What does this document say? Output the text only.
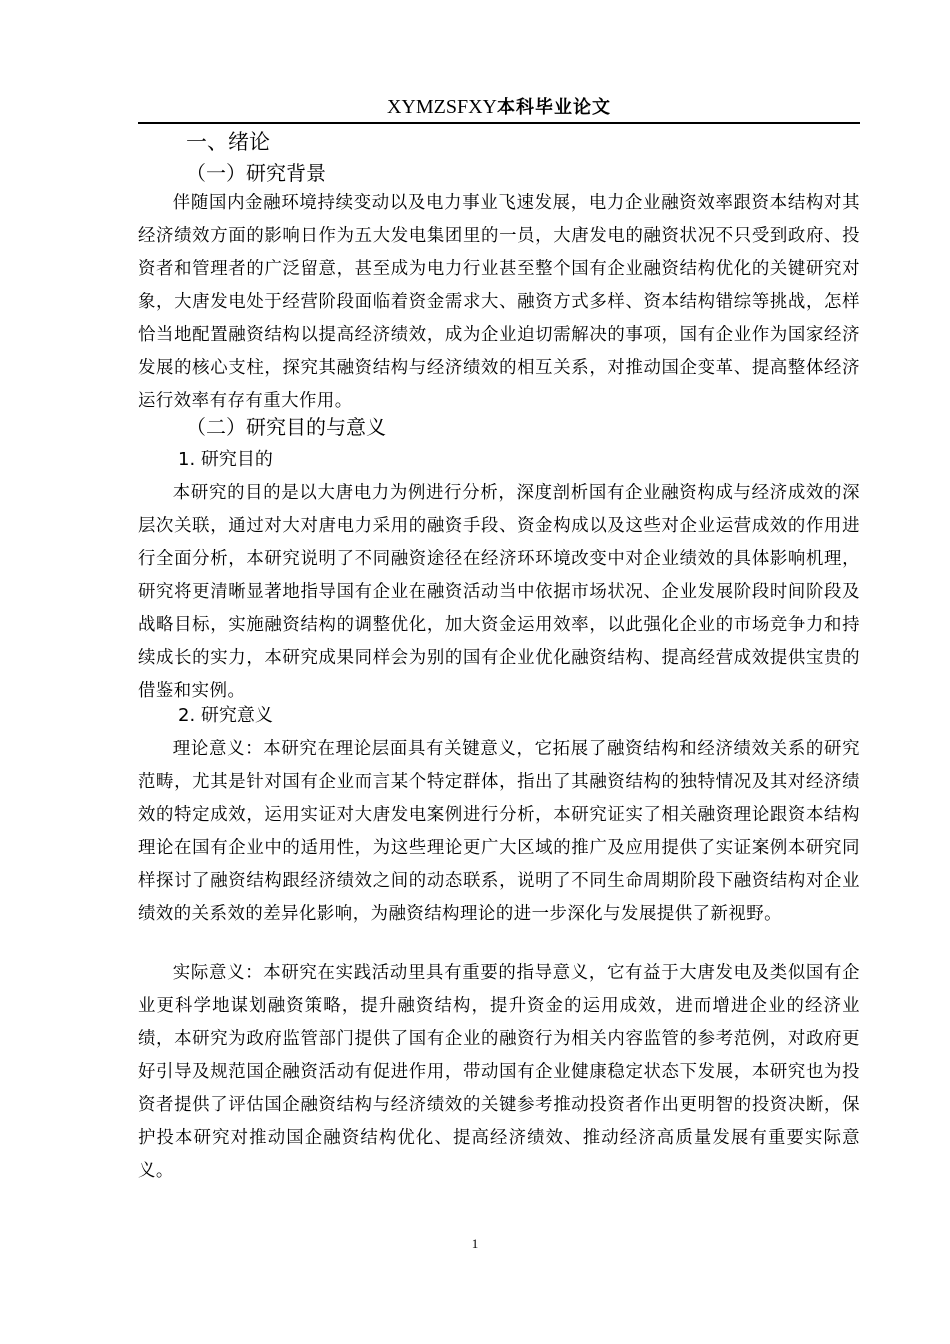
XYMZSFXY本科毕业论文
一、绪论
（一）研究背景
伴随国内金融环境持续变动以及电力事业飞速发展，电力企业融资效率跟资本结构对其经济绩效方面的影响日作为五大发电集团里的一员，大唐发电的融资状况不只受到政府、投资者和管理者的广泛留意，甚至成为电力行业甚至整个国有企业融资结构优化的关键研究对象，大唐发电处于经营阶段面临着资金需求大、融资方式多样、资本结构错综等挑战，怎样恰当地配置融资结构以提高经济绩效，成为企业迫切需解决的事项，国有企业作为国家经济发展的核心支柱，探究其融资结构与经济绩效的相互关系，对推动国企变革、提高整体经济运行效率有存有重大作用。
（二）研究目的与意义
1. 研究目的
本研究的目的是以大唐电力为例进行分析，深度剖析国有企业融资构成与经济成效的深层次关联，通过对大对唐电力采用的融资手段、资金构成以及这些对企业运营成效的作用进行全面分析，本研究说明了不同融资途径在经济环环境改变中对企业绩效的具体影响机理，研究将更清晰显著地指导国有企业在融资活动当中依据市场状况、企业发展阶段时间阶段及战略目标，实施融资结构的调整优化，加大资金运用效率，以此强化企业的市场竞争力和持续成长的实力，本研究成果同样会为别的国有企业优化融资结构、提高经营成效提供宝贵的借鉴和实例。
2. 研究意义
理论意义：本研究在理论层面具有关键意义，它拓展了融资结构和经济绩效关系的研究范畴，尤其是针对国有企业而言某个特定群体，指出了其融资结构的独特情况及其对经济绩效的特定成效，运用实证对大唐发电案例进行分析，本研究证实了相关融资理论跟资本结构理论在国有企业中的适用性，为这些理论更广大区域的推广及应用提供了实证案例本研究同样探讨了融资结构跟经济绩效之间的动态联系，说明了不同生命周期阶段下融资结构对企业绩效的关系效的差异化影响，为融资结构理论的进一步深化与发展提供了新视野。
实际意义：本研究在实践活动里具有重要的指导意义，它有益于大唐发电及类似国有企业更科学地谋划融资策略，提升融资结构，提升资金的运用成效，进而增进企业的经济业绩，本研究为政府监管部门提供了国有企业的融资行为相关内容监管的参考范例，对政府更好引导及规范国企融资活动有促进作用，带动国有企业健康稳定状态下发展，本研究也为投资者提供了评估国企融资结构与经济绩效的关键参考推动投资者作出更明智的投资决断，保护投本研究对推动国企融资结构优化、提高经济绩效、推动经济高质量发展有重要实际意义。
1
